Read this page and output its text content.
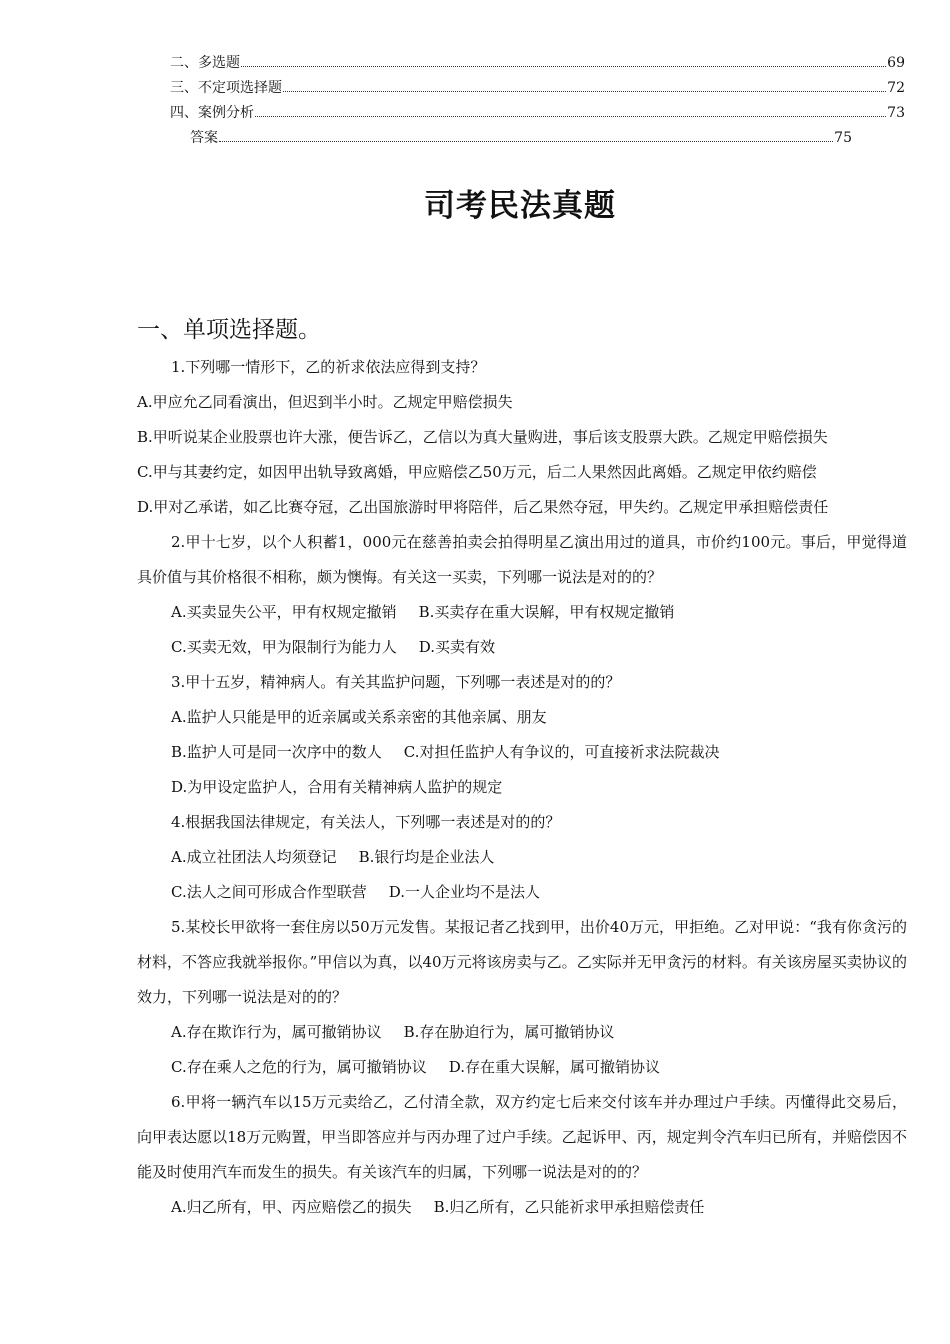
二、多选题	69
三、不定项选择题	72
四、案例分析	73
答案	75
司考民法真题
一、单项选择题。

1.下列哪一情形下，乙的祈求依法应得到支持？

A.甲应允乙同看演出，但迟到半小时。乙规定甲赔偿损失

B.甲听说某企业股票也许大涨，便告诉乙，乙信以为真大量购进，事后该支股票大跌。乙规定甲赔偿损失

C.甲与其妻约定，如因甲出轨导致离婚，甲应赔偿乙50万元，后二人果然因此离婚。乙规定甲依约赔偿

D.甲对乙承诺，如乙比赛夺冠，乙出国旅游时甲将陪伴，后乙果然夺冠，甲失约。乙规定甲承担赔偿责任

2.甲十七岁，以个人积蓄1，000元在慈善拍卖会拍得明星乙演出用过的道具，市价约100元。事后，甲觉得道具价值与其价格很不相称，颇为懊悔。有关这一买卖，下列哪一说法是对的的？

A.买卖显失公平，甲有权规定撤销 B.买卖存在重大误解，甲有权规定撤销

C.买卖无效，甲为限制行为能力人 D.买卖有效

3.甲十五岁，精神病人。有关其监护问题，下列哪一表述是对的的？

A.监护人只能是甲的近亲属或关系亲密的其他亲属、朋友

B.监护人可是同一次序中的数人 C.对担任监护人有争议的，可直接祈求法院裁决

D.为甲设定监护人，合用有关精神病人监护的规定

4.根据我国法律规定，有关法人，下列哪一表述是对的的？

A.成立社团法人均须登记 B.银行均是企业法人

C.法人之间可形成合作型联营 D.一人企业均不是法人

5.某校长甲欲将一套住房以50万元发售。某报记者乙找到甲，出价40万元，甲拒绝。乙对甲说：“我有你贪污的材料，不答应我就举报你。”甲信以为真，以40万元将该房卖与乙。乙实际并无甲贪污的材料。有关该房屋买卖协议的效力，下列哪一说法是对的的？

A.存在欺诈行为，属可撤销协议 B.存在胁迫行为，属可撤销协议

C.存在乘人之危的行为，属可撤销协议 D.存在重大误解，属可撤销协议

6.甲将一辆汽车以15万元卖给乙，乙付清全款，双方约定七后来交付该车并办理过户手续。丙懂得此交易后，向甲表达愿以18万元购置，甲当即答应并与丙办理了过户手续。乙起诉甲、丙，规定判令汽车归已所有，并赔偿因不能及时使用汽车而发生的损失。有关该汽车的归属，下列哪一说法是对的的？

A.归乙所有，甲、丙应赔偿乙的损失 B.归乙所有，乙只能祈求甲承担赔偿责任
